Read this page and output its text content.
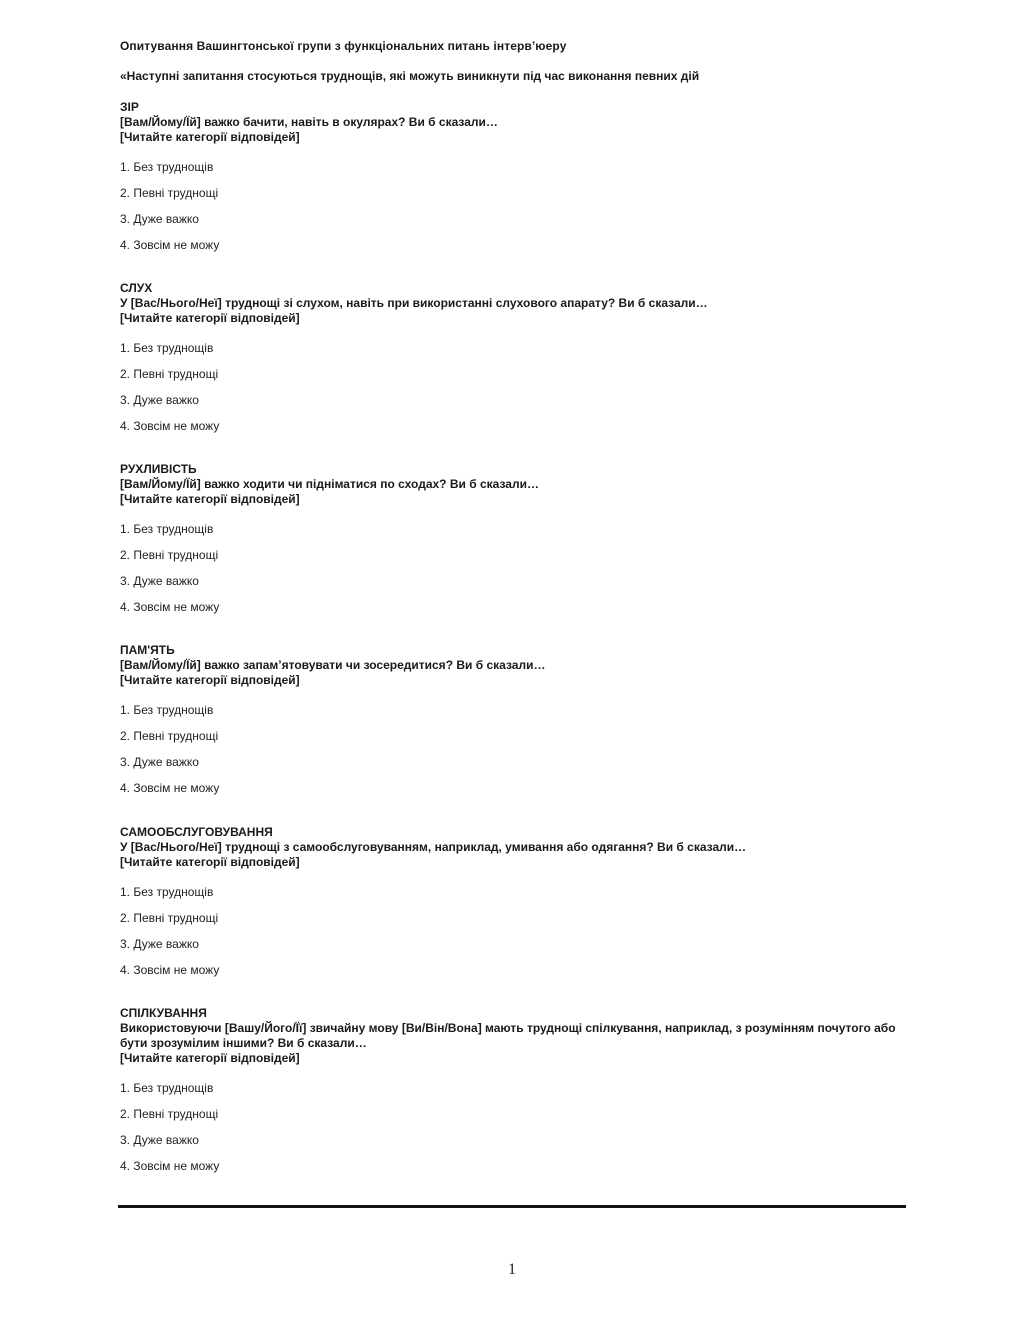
Опитування Вашингтонської групи з функціональних питань інтерв’юеру
«Наступні запитання стосуються труднощів, які можуть виникнути під час виконання певних дій
ЗІР
[Вам/Йому/Їй] важко бачити, навіть в окулярах? Ви б сказали…
[Читайте категорії відповідей]
1. Без труднощів
2. Певні труднощі
3. Дуже важко
4. Зовсім не можу
СЛУХ
У [Вас/Нього/Неї] труднощі зі слухом, навіть при використанні слухового апарату? Ви б сказали…
[Читайте категорії відповідей]
1. Без труднощів
2. Певні труднощі
3. Дуже важко
4. Зовсім не можу
РУХЛИВІСТЬ
[Вам/Йому/Їй] важко ходити чи підніматися по сходах? Ви б сказали…
[Читайте категорії відповідей]
1. Без труднощів
2. Певні труднощі
3. Дуже важко
4. Зовсім не можу
ПАМ'ЯТЬ
[Вам/Йому/Їй] важко запам’ятовувати чи зосередитися? Ви б сказали…
[Читайте категорії відповідей]
1. Без труднощів
2. Певні труднощі
3. Дуже важко
4. Зовсім не можу
САМООБСЛУГОВУВАННЯ
У [Вас/Нього/Неї] труднощі з самообслуговуванням, наприклад, умивання або одягання? Ви б сказали…
[Читайте категорії відповідей]
1. Без труднощів
2. Певні труднощі
3. Дуже важко
4. Зовсім не можу
СПІЛКУВАННЯ
Використовуючи [Вашу/Його/Її] звичайну мову [Ви/Він/Вона] мають труднощі спілкування, наприклад, з розумінням почутого або бути зрозумілим іншими? Ви б сказали…
[Читайте категорії відповідей]
1. Без труднощів
2. Певні труднощі
3. Дуже важко
4. Зовсім не можу
1
